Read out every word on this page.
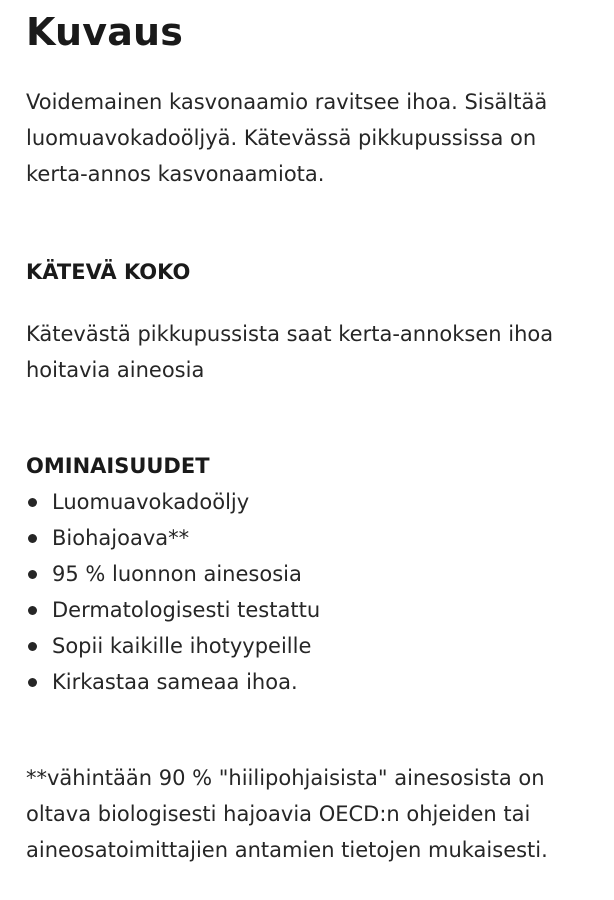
Kuvaus

Voidemainen kasvonaamio ravitsee ihoa. Sisältää luomuavokadoöljyä. Kätevässä pikkupussissa on kerta-annos kasvonaamiota.

KÄTEVÄ KOKO

Kätevästä pikkupussista saat kerta-annoksen ihoa hoitavia aineosia

OMINAISUUDET
Luomuavokadoöljy
Biohajoava**
95 % luonnon ainesosia
Dermatologisesti testattu
Sopii kaikille ihotyypeille
Kirkastaa sameaa ihoa.

**vähintään 90 % "hiilipohjaisista" ainesosista on oltava biologisesti hajoavia OECD:n ohjeiden tai aineosatoimittajien antamien tietojen mukaisesti.
